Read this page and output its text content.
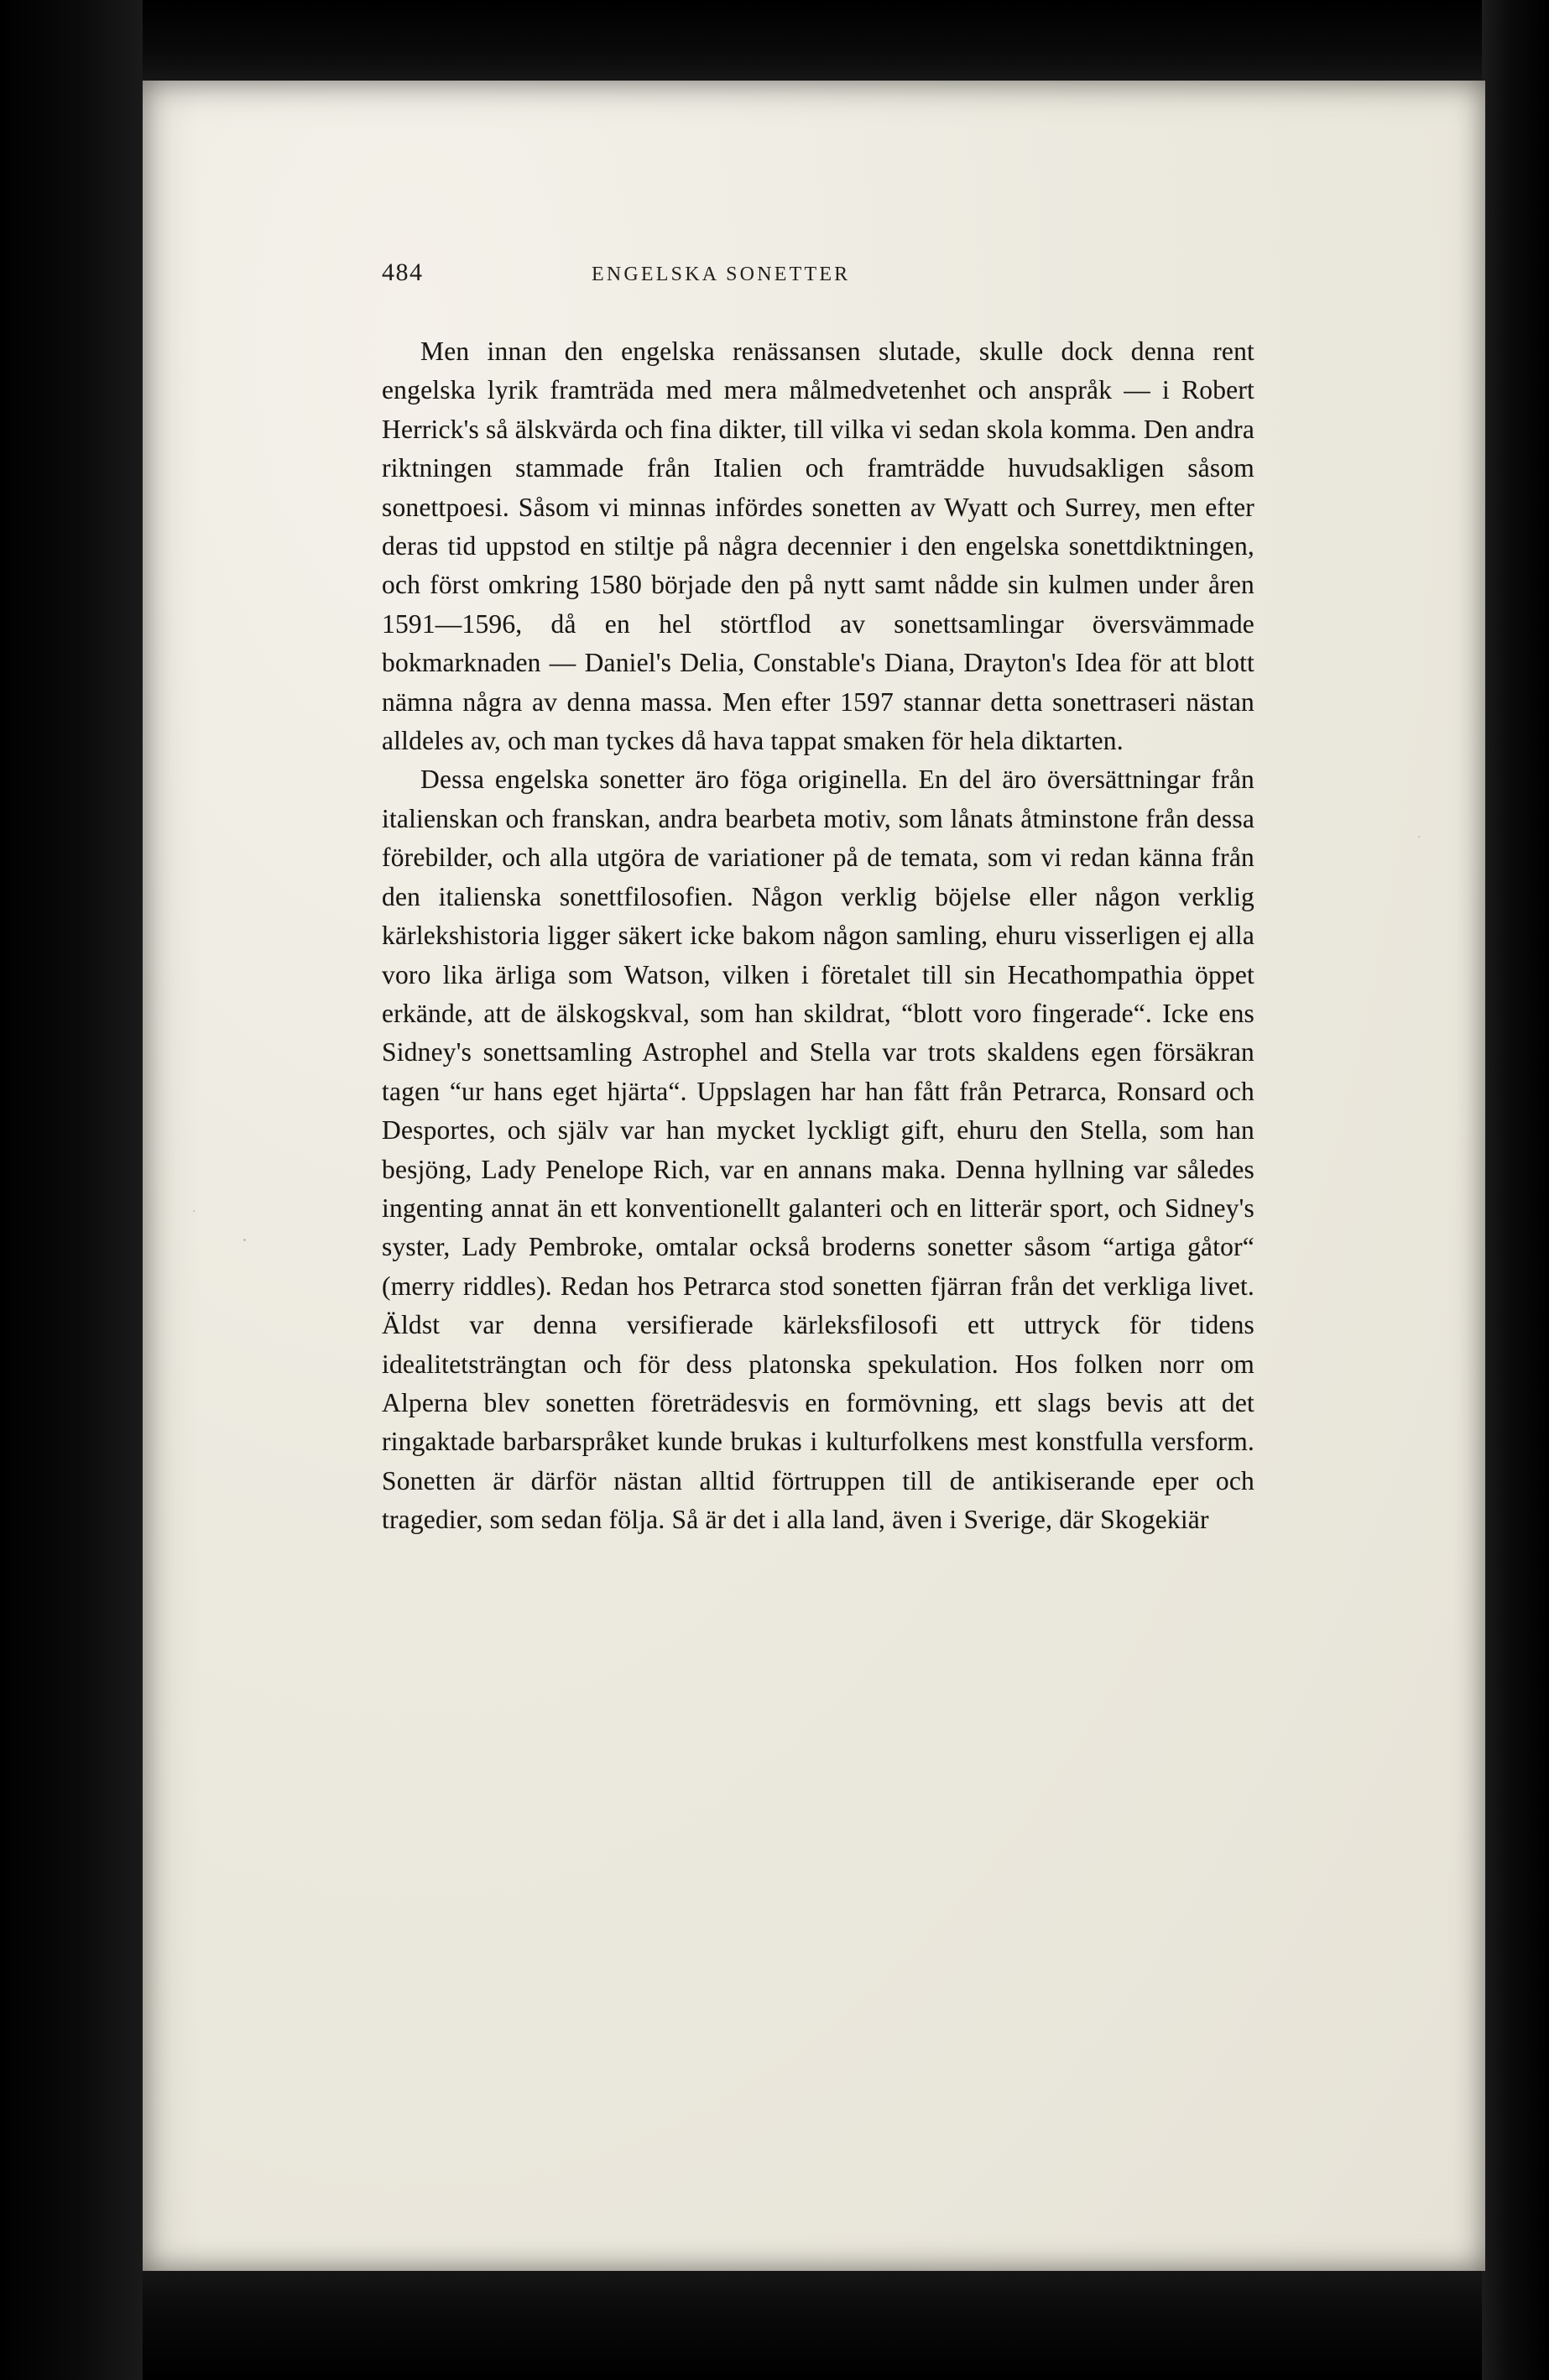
484	ENGELSKA SONETTER

Men innan den engelska renässansen slutade, skulle dock denna rent engelska lyrik framträda med mera målmedvetenhet och anspråk — i Robert Herrick's så älskvärda och fina dikter, till vilka vi sedan skola komma. Den andra riktningen stammade från Italien och framträdde huvudsakligen såsom sonettpoesi. Såsom vi minnas infördes sonetten av Wyatt och Surrey, men efter deras tid uppstod en stiltje på några decennier i den engelska sonettdiktningen, och först omkring 1580 började den på nytt samt nådde sin kulmen under åren 1591—1596, då en hel störtflod av sonettsamlingar översvämmade bokmarknaden — Daniel's Delia, Constable's Diana, Drayton's Idea för att blott nämna några av denna massa. Men efter 1597 stannar detta sonettraseri nästan alldeles av, och man tyckes då hava tappat smaken för hela diktarten.

Dessa engelska sonetter äro föga originella. En del äro översättningar från italienskan och franskan, andra bearbeta motiv, som lånats åtminstone från dessa förebilder, och alla utgöra de variationer på de temata, som vi redan känna från den italienska sonettfilosofien. Någon verklig böjelse eller någon verklig kärlekshistoria ligger säkert icke bakom någon samling, ehuru visserligen ej alla voro lika ärliga som Watson, vilken i företalet till sin Hecathompathia öppet erkände, att de älskogskval, som han skildrat, “blott voro fingerade“. Icke ens Sidney's sonettsamling Astrophel and Stella var trots skaldens egen försäkran tagen “ur hans eget hjärta“. Uppslagen har han fått från Petrarca, Ronsard och Desportes, och själv var han mycket lyckligt gift, ehuru den Stella, som han besjöng, Lady Penelope Rich, var en annans maka. Denna hyllning var således ingenting annat än ett konventionellt galanteri och en litterär sport, och Sidney's syster, Lady Pembroke, omtalar också broderns sonetter såsom “artiga gåtor“ (merry riddles). Redan hos Petrarca stod sonetten fjärran från det verkliga livet. Äldst var denna versifierade kärleksfilosofi ett uttryck för tidens idealitetsträngtan och för dess platonska spekulation. Hos folken norr om Alperna blev sonetten företrädesvis en formövning, ett slags bevis att det ringaktade barbarspråket kunde brukas i kulturfolkens mest konstfulla versform. Sonetten är därför nästan alltid förtruppen till de antikiserande eper och tragedier, som sedan följa. Så är det i alla land, även i Sverige, där Skogekiär
